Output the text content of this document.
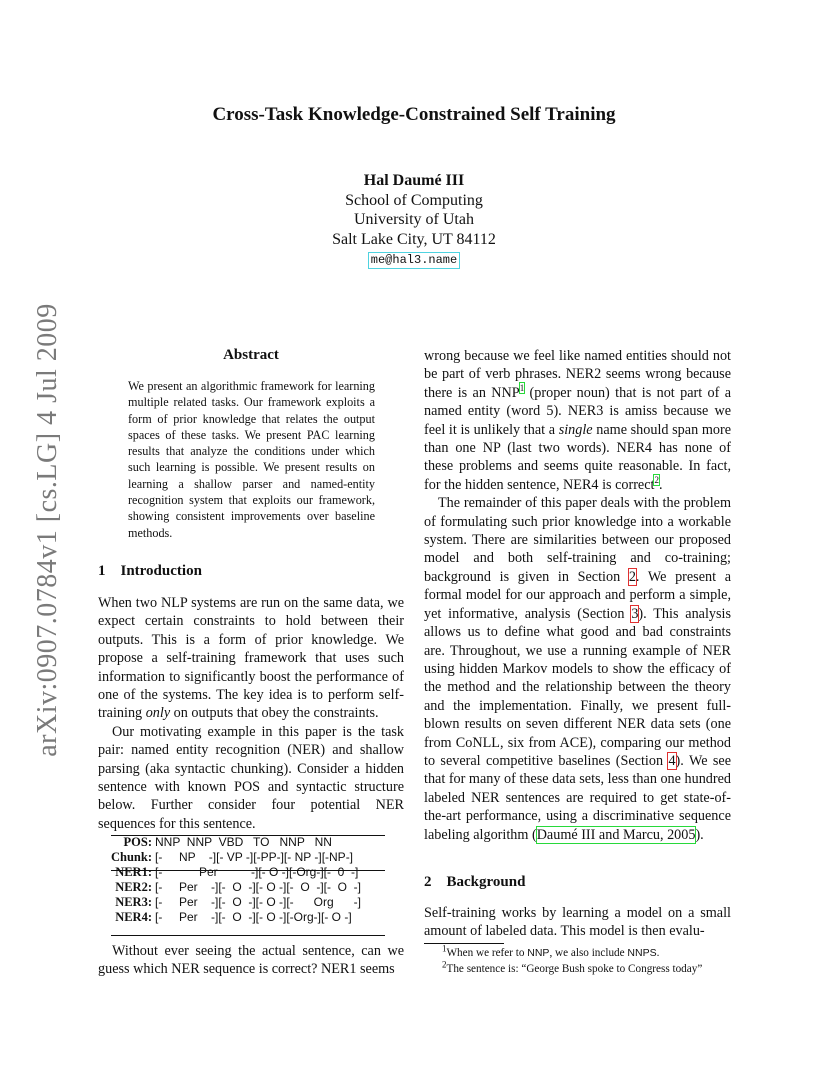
arXiv:0907.0784v1 [cs.LG] 4 Jul 2009
Cross-Task Knowledge-Constrained Self Training
Hal Daumé III
School of Computing
University of Utah
Salt Lake City, UT 84112
me@hal3.name
Abstract
We present an algorithmic framework for learning multiple related tasks. Our framework exploits a form of prior knowledge that relates the output spaces of these tasks. We present PAC learning results that analyze the conditions under which such learning is possible. We present results on learning a shallow parser and named-entity recognition system that exploits our framework, showing consistent improvements over baseline methods.
1    Introduction

When two NLP systems are run on the same data, we expect certain constraints to hold between their outputs. This is a form of prior knowledge. We propose a self-training framework that uses such information to significantly boost the performance of one of the systems. The key idea is to perform self-training only on outputs that obey the constraints.

Our motivating example in this paper is the task pair: named entity recognition (NER) and shallow parsing (aka syntactic chunking). Consider a hidden sentence with known POS and syntactic structure below. Further consider four potential NER sequences for this sentence.

POS:	NNP  NNP  VBD   TO   NNP   NN
Chunk:	[-     NP    -][- VP -][-PP-][- NP -][-NP-]
NER1:	[-           Per          -][- O -][-Org-][-  0  -]
NER2:	[-     Per    -][-  O  -][- O -][-  O  -][-  O  -]
NER3:	[-     Per    -][-  O  -][- O -][-      Org      -]
NER4:	[-     Per    -][-  O  -][- O -][-Org-][- O -]

Without ever seeing the actual sentence, can we guess which NER sequence is correct? NER1 seems

wrong because we feel like named entities should not be part of verb phrases. NER2 seems wrong because there is an NNP$^1$ (proper noun) that is not part of a named entity (word 5). NER3 is amiss because we feel it is unlikely that a single name should span more than one NP (last two words). NER4 has none of these problems and seems quite reasonable. In fact, for the hidden sentence, NER4 is correct$^2$.

The remainder of this paper deals with the problem of formulating such prior knowledge into a workable system. There are similarities between our proposed model and both self-training and co-training; background is given in Section 2. We present a formal model for our approach and perform a simple, yet informative, analysis (Section 3). This analysis allows us to define what good and bad constraints are. Throughout, we use a running example of NER using hidden Markov models to show the efficacy of the method and the relationship between the theory and the implementation. Finally, we present full-blown results on seven different NER data sets (one from CoNLL, six from ACE), comparing our method to several competitive baselines (Section 4). We see that for many of these data sets, less than one hundred labeled NER sentences are required to get state-of-the-art performance, using a discriminative sequence labeling algorithm (Daumé III and Marcu, 2005).

2    Background

Self-training works by learning a model on a small amount of labeled data. This model is then evalu-

$^1$When we refer to NNP, we also include NNPS.
$^2$The sentence is: “George Bush spoke to Congress today”
